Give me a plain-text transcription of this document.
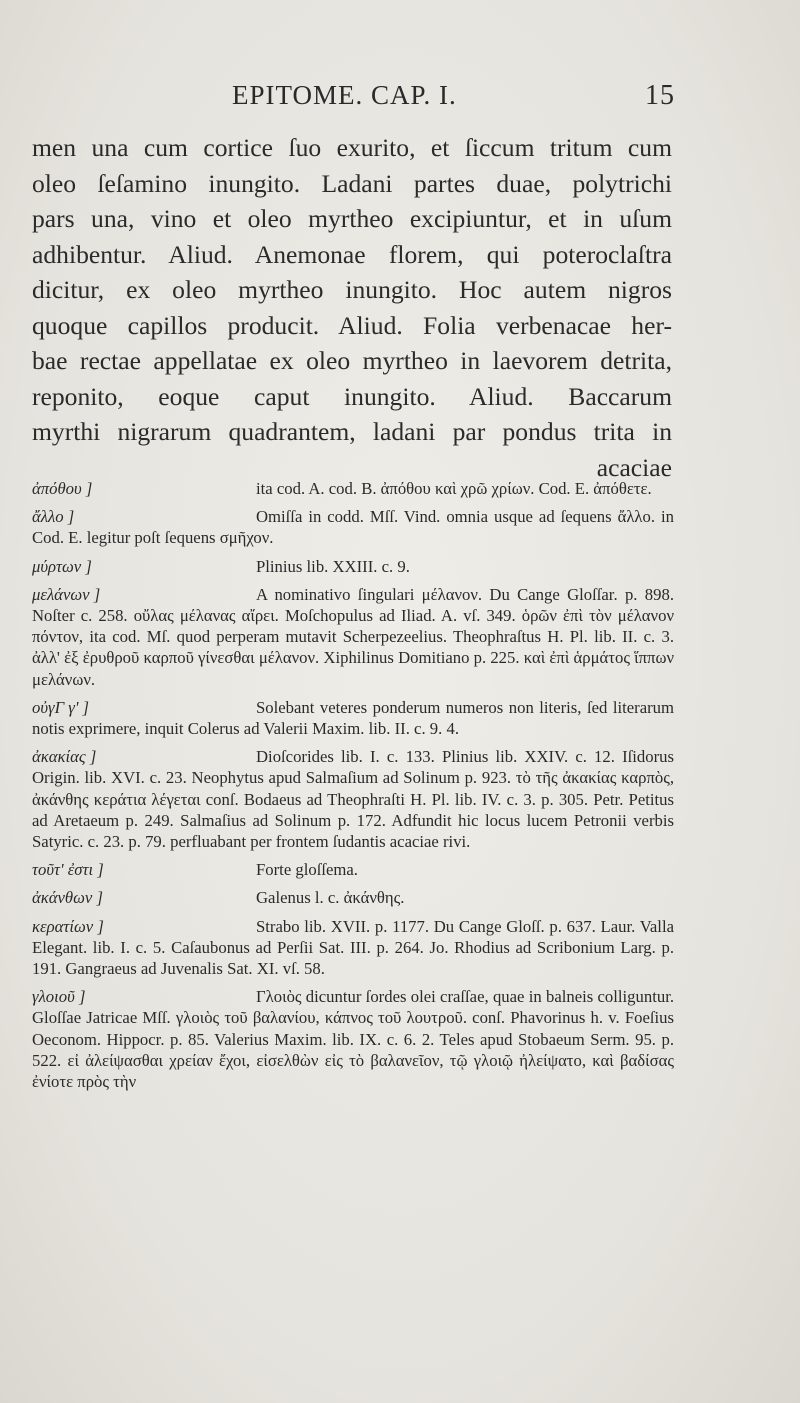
EPITOME. CAP. I.	15
men una cum cortice ſuo exurito, et ſiccum tritum cum
oleo ſeſamino inungito. Ladani partes duae, polytrichi
pars una, vino et oleo myrtheo excipiuntur, et in uſum
adhibentur. Aliud. Anemonae florem, qui poteroclaſtra
dicitur, ex oleo myrtheo inungito. Hoc autem nigros
quoque capillos producit. Aliud. Folia verbenacae her-
bae rectae appellatae ex oleo myrtheo in laevorem detrita,
reponito, eoque caput inungito. Aliud. Baccarum
myrthi nigrarum quadrantem, ladani par pondus trita in
acaciae
ἀπόθου ]	ita cod. A. cod. B. ἀπόθου καὶ χρῶ χρίων. Cod. E. ἀπόθετε.
ἄλλο ]	Omiſſa in codd. Mſſ. Vind. omnia usque ad ſequens ἄλλο. in Cod. E. legitur poſt ſequens σμῆχον.
μύρτων ]	Plinius lib. XXIII. c. 9.
μελάνων ]	A nominativo ſingulari μέλανον. Du Cange Gloſſar. p. 898. Noſter c. 258. οὔλας μέλανας αἴρει. Moſchopulus ad Iliad. A. vſ. 349. ὁρῶν ἐπὶ τὸν μέλανον πόντον, ita cod. Mſ. quod perperam mutavit Scherpezeelius. Theophraſtus H. Pl. lib. II. c. 3. ἀλλ' ἐξ ἐρυθροῦ καρποῦ γίνεσθαι μέλανον. Xiphilinus Domitiano p. 225. καὶ ἐπὶ ἁρμάτος ἵππων μελάνων.
οὐγΓ γ' ]	Solebant veteres ponderum numeros non literis, ſed literarum notis exprimere, inquit Colerus ad Valerii Maxim. lib. II. c. 9. 4.
ἀκακίας ]	Dioſcorides lib. I. c. 133. Plinius lib. XXIV. c. 12. Iſidorus Origin. lib. XVI. c. 23. Neophytus apud Salmaſium ad Solinum p. 923. τὸ τῆς ἀκακίας καρπὸς, ἀκάνθης κεράτια λέγεται conſ. Bodaeus ad Theophraſti H. Pl. lib. IV. c. 3. p. 305. Petr. Petitus ad Aretaeum p. 249. Salmaſius ad Solinum p. 172. Adfundit hic locus lucem Petronii verbis Satyric. c. 23. p. 79. perfluabant per frontem ſudantis acaciae rivi.
τοῦτ' ἐστι ]	Forte gloſſema.
ἀκάνθων ]	Galenus l. c. ἀκάνθης.
κερατίων ]	Strabo lib. XVII. p. 1177. Du Cange Gloſſ. p. 637. Laur. Valla Elegant. lib. I. c. 5. Caſaubonus ad Perſii Sat. III. p. 264. Jo. Rhodius ad Scribonium Larg. p. 191. Gangraeus ad Juvenalis Sat. XI. vſ. 58.
γλοιοῦ ]	Γλοιὸς dicuntur ſordes olei craſſae, quae in balneis colliguntur. Gloſſae Jatricae Mſſ. γλοιὸς τοῦ βαλανίου, κάπνος τοῦ λουτροῦ. conſ. Phavorinus h. v. Foeſius Oeconom. Hippocr. p. 85. Valerius Maxim. lib. IX. c. 6. 2. Teles apud Stobaeum Serm. 95. p. 522. εἰ ἀλείψασθαι χρείαν ἔχοι, εἰσελθὼν εἰς τὸ βαλανεῖον, τῷ γλοιῷ ἠλείψατο, καὶ βαδίσας ἐνίοτε πρὸς τὴν
